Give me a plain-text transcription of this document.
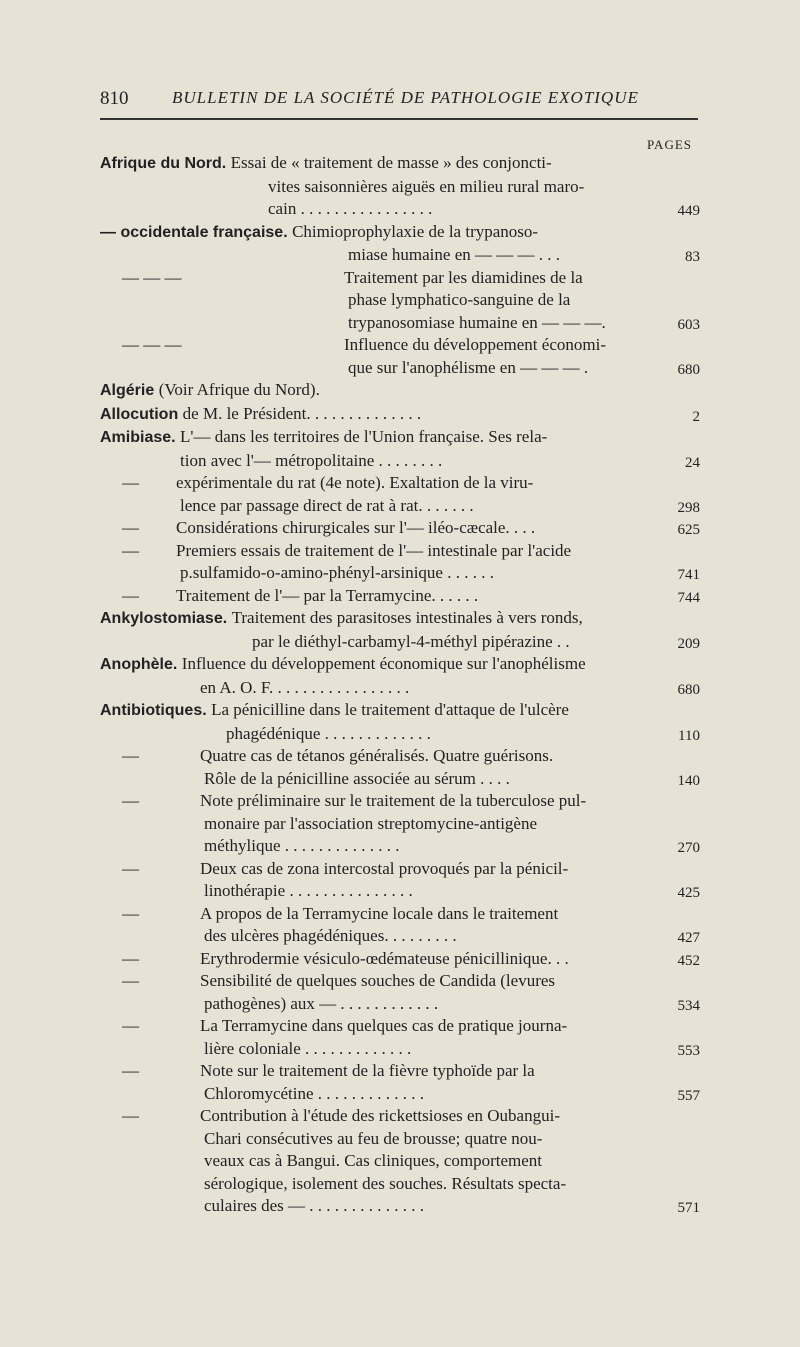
810	BULLETIN DE LA SOCIÉTÉ DE PATHOLOGIE EXOTIQUE
PAGES

Afrique du Nord. Essai de « traitement de masse » des conjoncti-

vites saisonnières aiguës en milieu rural maro-

cain . . . . . . . . . . . . . . . .	449

— occidentale française. Chimioprophylaxie de la trypanoso-

miase humaine en — — — . . .	83

— — —	Traitement par les diamidines de la

phase lymphatico-sanguine de la

trypanosomiase humaine en — — —.	603

— — —	Influence du développement économi-

que sur l'anophélisme en — — — .	680

Algérie (Voir Afrique du Nord).

Allocution de M. le Président. . . . . . . . . . . . . .	2

Amibiase. L'— dans les territoires de l'Union française. Ses rela-

tion avec l'— métropolitaine . . . . . . . .	24

—expérimentale du rat (4e note). Exaltation de la viru-

lence par passage direct de rat à rat. . . . . . .	298

—Considérations chirurgicales sur l'— iléo-cæcale. . . .	625

—Premiers essais de traitement de l'— intestinale par l'acide

p.sulfamido-o-amino-phényl-arsinique . . . . . .	741

—Traitement de l'— par la Terramycine. . . . . .	744

Ankylostomiase. Traitement des parasitoses intestinales à vers ronds,

par le diéthyl-carbamyl-4-méthyl pipérazine . .	209

Anophèle. Influence du développement économique sur l'anophélisme

en A. O. F. . . . . . . . . . . . . . . . .	680

Antibiotiques. La pénicilline dans le traitement d'attaque de l'ulcère

phagédénique . . . . . . . . . . . . .	110

—	Quatre cas de tétanos généralisés. Quatre guérisons.

Rôle de la pénicilline associée au sérum . . . .	140

—	Note préliminaire sur le traitement de la tuberculose pul-

monaire par l'association streptomycine-antigène

méthylique . . . . . . . . . . . . . .	270

—	Deux cas de zona intercostal provoqués par la pénicil-

linothérapie . . . . . . . . . . . . . . .	425

—	A propos de la Terramycine locale dans le traitement

des ulcères phagédéniques. . . . . . . . .	427

—	Erythrodermie vésiculo-œdémateuse pénicillinique. . .	452

—	Sensibilité de quelques souches de Candida (levures

pathogènes) aux — . . . . . . . . . . . .	534

—	La Terramycine dans quelques cas de pratique journa-

lière coloniale . . . . . . . . . . . . .	553

—	Note sur le traitement de la fièvre typhoïde par la

Chloromycétine . . . . . . . . . . . . .	557

—	Contribution à l'étude des rickettsioses en Oubangui-

Chari consécutives au feu de brousse; quatre nou-

veaux cas à Bangui. Cas cliniques, comportement

sérologique, isolement des souches. Résultats specta-

culaires des — . . . . . . . . . . . . . .	571
